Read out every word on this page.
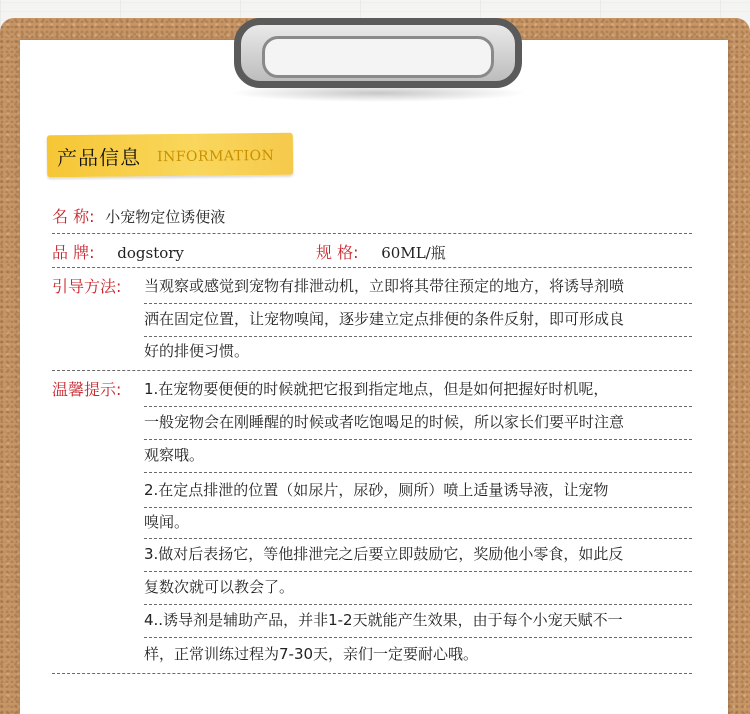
产品信息 INFORMATION
名 称: 小宠物定位诱便液
品 牌: dogstory	规 格: 60ML/瓶
引导方法: 当观察或感觉到宠物有排泄动机，立即将其带往预定的地方，将诱导剂喷
洒在固定位置，让宠物嗅闻，逐步建立定点排便的条件反射，即可形成良
好的排便习惯。
温馨提示: 1.在宠物要便便的时候就把它报到指定地点，但是如何把握好时机呢，
一般宠物会在刚睡醒的时候或者吃饱喝足的时候，所以家长们要平时注意
观察哦。
2.在定点排泄的位置（如尿片，尿砂，厕所）喷上适量诱导液，让宠物
嗅闻。
3.做对后表扬它，等他排泄完之后要立即鼓励它，奖励他小零食，如此反
复数次就可以教会了。
4..诱导剂是辅助产品，并非1-2天就能产生效果，由于每个小宠天赋不一
样，正常训练过程为7-30天，亲们一定要耐心哦。
